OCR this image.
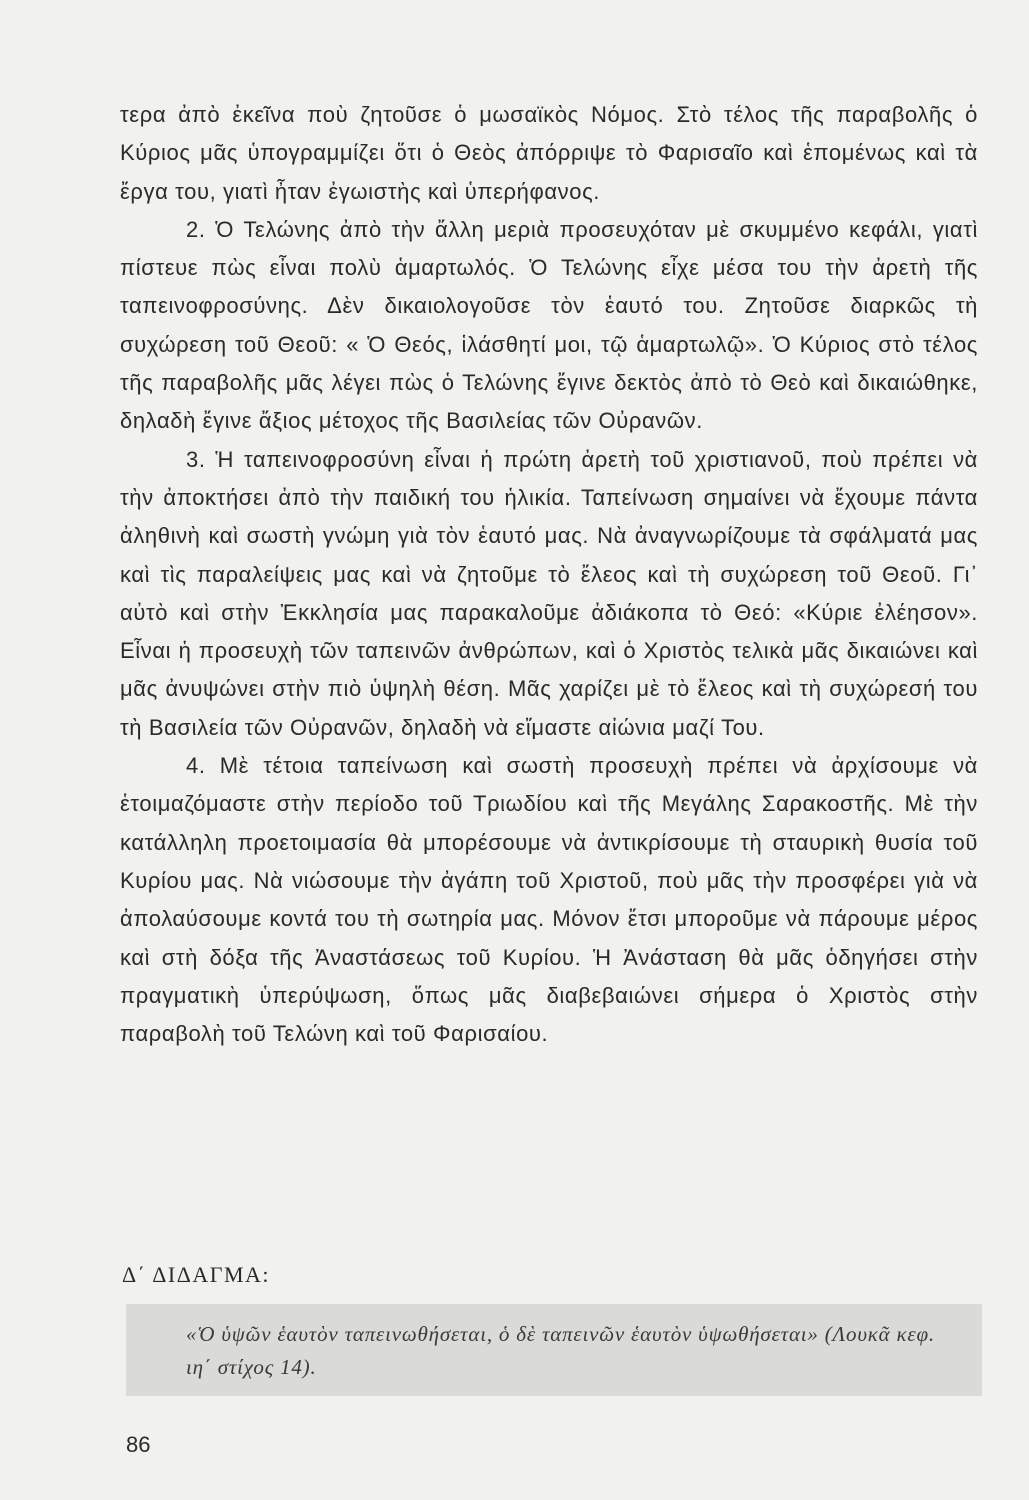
τερα ἀπὸ ἐκεῖνα ποὺ ζητοῦσε ὁ μωσαϊκὸς Νόμος. Στὸ τέλος τῆς παραβολῆς ὁ Κύριος μᾶς ὑπογραμμίζει ὅτι ὁ Θεὸς ἀπόρριψε τὸ Φαρισαῖο καὶ ἑπομένως καὶ τὰ ἔργα του, γιατὶ ἦταν ἐγωιστὴς καὶ ὑπερήφανος.

2. Ὁ Τελώνης ἀπὸ τὴν ἄλλη μεριὰ προσευχόταν μὲ σκυμμένο κεφάλι, γιατὶ πίστευε πὼς εἶναι πολὺ ἁμαρτωλός. Ὁ Τελώνης εἶχε μέσα του τὴν ἀρετὴ τῆς ταπεινοφροσύνης. Δὲν δικαιολογοῦσε τὸν ἑαυτό του. Ζητοῦσε διαρκῶς τὴ συχώρεση τοῦ Θεοῦ: « Ὁ Θεός, ἱλάσθητί μοι, τῷ ἁμαρτωλῷ». Ὁ Κύριος στὸ τέλος τῆς παραβολῆς μᾶς λέγει πὼς ὁ Τελώνης ἔγινε δεκτὸς ἀπὸ τὸ Θεὸ καὶ δικαιώθηκε, δηλαδὴ ἔγινε ἄξιος μέτοχος τῆς Βασιλείας τῶν Οὐρανῶν.

3. Ἡ ταπεινοφροσύνη εἶναι ἡ πρώτη ἀρετὴ τοῦ χριστιανοῦ, ποὺ πρέπει νὰ τὴν ἀποκτήσει ἀπὸ τὴν παιδική του ἡλικία. Ταπείνωση σημαίνει νὰ ἔχουμε πάντα ἀληθινὴ καὶ σωστὴ γνώμη γιὰ τὸν ἑαυτό μας. Νὰ ἀναγνωρίζουμε τὰ σφάλματά μας καὶ τὶς παραλείψεις μας καὶ νὰ ζητοῦμε τὸ ἔλεος καὶ τὴ συχώρεση τοῦ Θεοῦ. Γι᾽ αὐτὸ καὶ στὴν Ἐκκλησία μας παρακαλοῦμε ἀδιάκοπα τὸ Θεό: «Κύριε ἐλέησον». Εἶναι ἡ προσευχὴ τῶν ταπεινῶν ἀνθρώπων, καὶ ὁ Χριστὸς τελικὰ μᾶς δικαιώνει καὶ μᾶς ἀνυψώνει στὴν πιὸ ὑψηλὴ θέση. Μᾶς χαρίζει μὲ τὸ ἔλεος καὶ τὴ συχώρεσή του τὴ Βασιλεία τῶν Οὐρανῶν, δηλαδὴ νὰ εἴμαστε αἰώνια μαζί Του.

4. Μὲ τέτοια ταπείνωση καὶ σωστὴ προσευχὴ πρέπει νὰ ἀρχίσουμε νὰ ἑτοιμαζόμαστε στὴν περίοδο τοῦ Τριωδίου καὶ τῆς Μεγάλης Σαρακοστῆς. Μὲ τὴν κατάλληλη προετοιμασία θὰ μπορέσουμε νὰ ἀντικρίσουμε τὴ σταυρικὴ θυσία τοῦ Κυρίου μας. Νὰ νιώσουμε τὴν ἀγάπη τοῦ Χριστοῦ, ποὺ μᾶς τὴν προσφέρει γιὰ νὰ ἀπολαύσουμε κοντά του τὴ σωτηρία μας. Μόνον ἔτσι μποροῦμε νὰ πάρουμε μέρος καὶ στὴ δόξα τῆς Ἀναστάσεως τοῦ Κυρίου. Ἡ Ἀνάσταση θὰ μᾶς ὁδηγήσει στὴν πραγματικὴ ὑπερύψωση, ὅπως μᾶς διαβεβαιώνει σήμερα ὁ Χριστὸς στὴν παραβολὴ τοῦ Τελώνη καὶ τοῦ Φαρισαίου.

Δ΄ ΔΙΔΑΓΜΑ:

«Ὁ ὑψῶν ἑαυτὸν ταπεινωθήσεται, ὁ δὲ ταπεινῶν ἑαυτὸν ὑψωθήσεται» (Λουκᾶ κεφ. ιη΄ στίχος 14).

86
